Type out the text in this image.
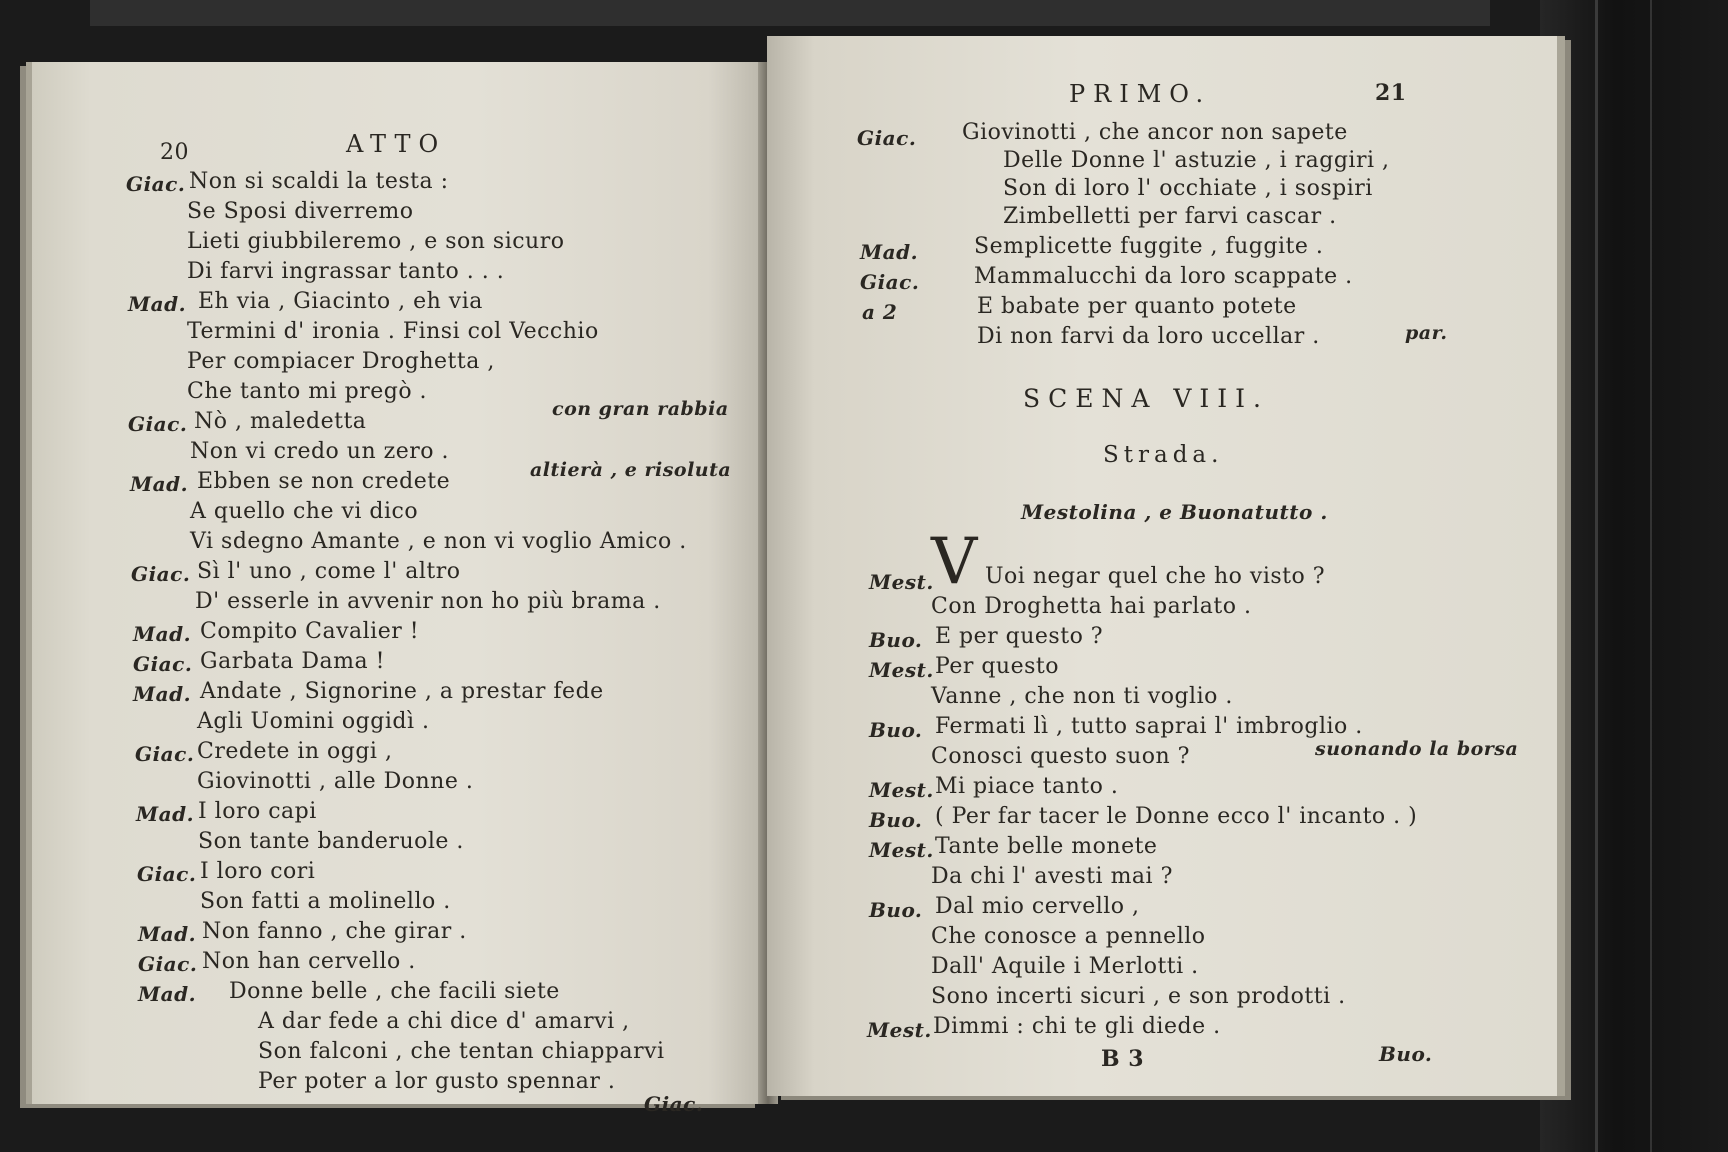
20	ATTO
Giac. Non si scaldi la testa :
Se Sposi diverremo
Lieti giubbileremo , e son sicuro
Di farvi ingrassar tanto . . .
Mad. Eh via , Giacinto , eh via
Termini d' ironia . Finsi col Vecchio
Per compiacer Droghetta ,
Che tanto mi pregò .
Giac. Nò , maledetta	con gran rabbia
Non vi credo un zero .
Mad. Ebben se non credete	altierà , e risoluta
A quello che vi dico
Vi sdegno Amante , e non vi voglio Amico .
Giac. Sì l' uno , come l' altro
D' esserle in avvenir non ho più brama .
Mad. Compito Cavalier !
Giac. Garbata Dama !
Mad. Andate , Signorine , a prestar fede
Agli Uomini oggidì .
Giac. Credete in oggi ,
Giovinotti , alle Donne .
Mad. I loro capi
Son tante banderuole .
Giac. I loro cori
Son fatti a molinello .
Mad. Non fanno , che girar .
Giac. Non han cervello .
Mad. Donne belle , che facili siete
A dar fede a chi dice d' amarvi ,
Son falconi , che tentan chiapparvi
Per poter a lor gusto spennar .
Giac.
PRIMO.	21
Giac. Giovinotti , che ancor non sapete
Delle Donne l' astuzie , i raggiri ,
Son di loro l' occhiate , i sospiri
Zimbelletti per farvi cascar .
Mad.	Semplicette fuggite , fuggite .
Giac. Mammalucchi da loro scappate .
a 2	E babate per quanto potete
Di non farvi da loro uccellar .	par.
SCENA VIII.
Strada.
Mestolina , e Buonatutto .
Mest.
V Uoi negar quel che ho visto ?
Con Droghetta hai parlato .
Buo. E per questo ?
Mest. Per questo
Vanne , che non ti voglio .
Buo. Fermati lì , tutto saprai l' imbroglio .
Conosci questo suon ?	suonando la borsa
Mest. Mi piace tanto .
Buo. ( Per far tacer le Donne ecco l' incanto . )
Mest. Tante belle monete
Da chi l' avesti mai ?
Buo. Dal mio cervello ,
Che conosce a pennello
Dall' Aquile i Merlotti .
Sono incerti sicuri , e son prodotti .
Mest. Dimmi : chi te gli diede .
B 3	Buo.
